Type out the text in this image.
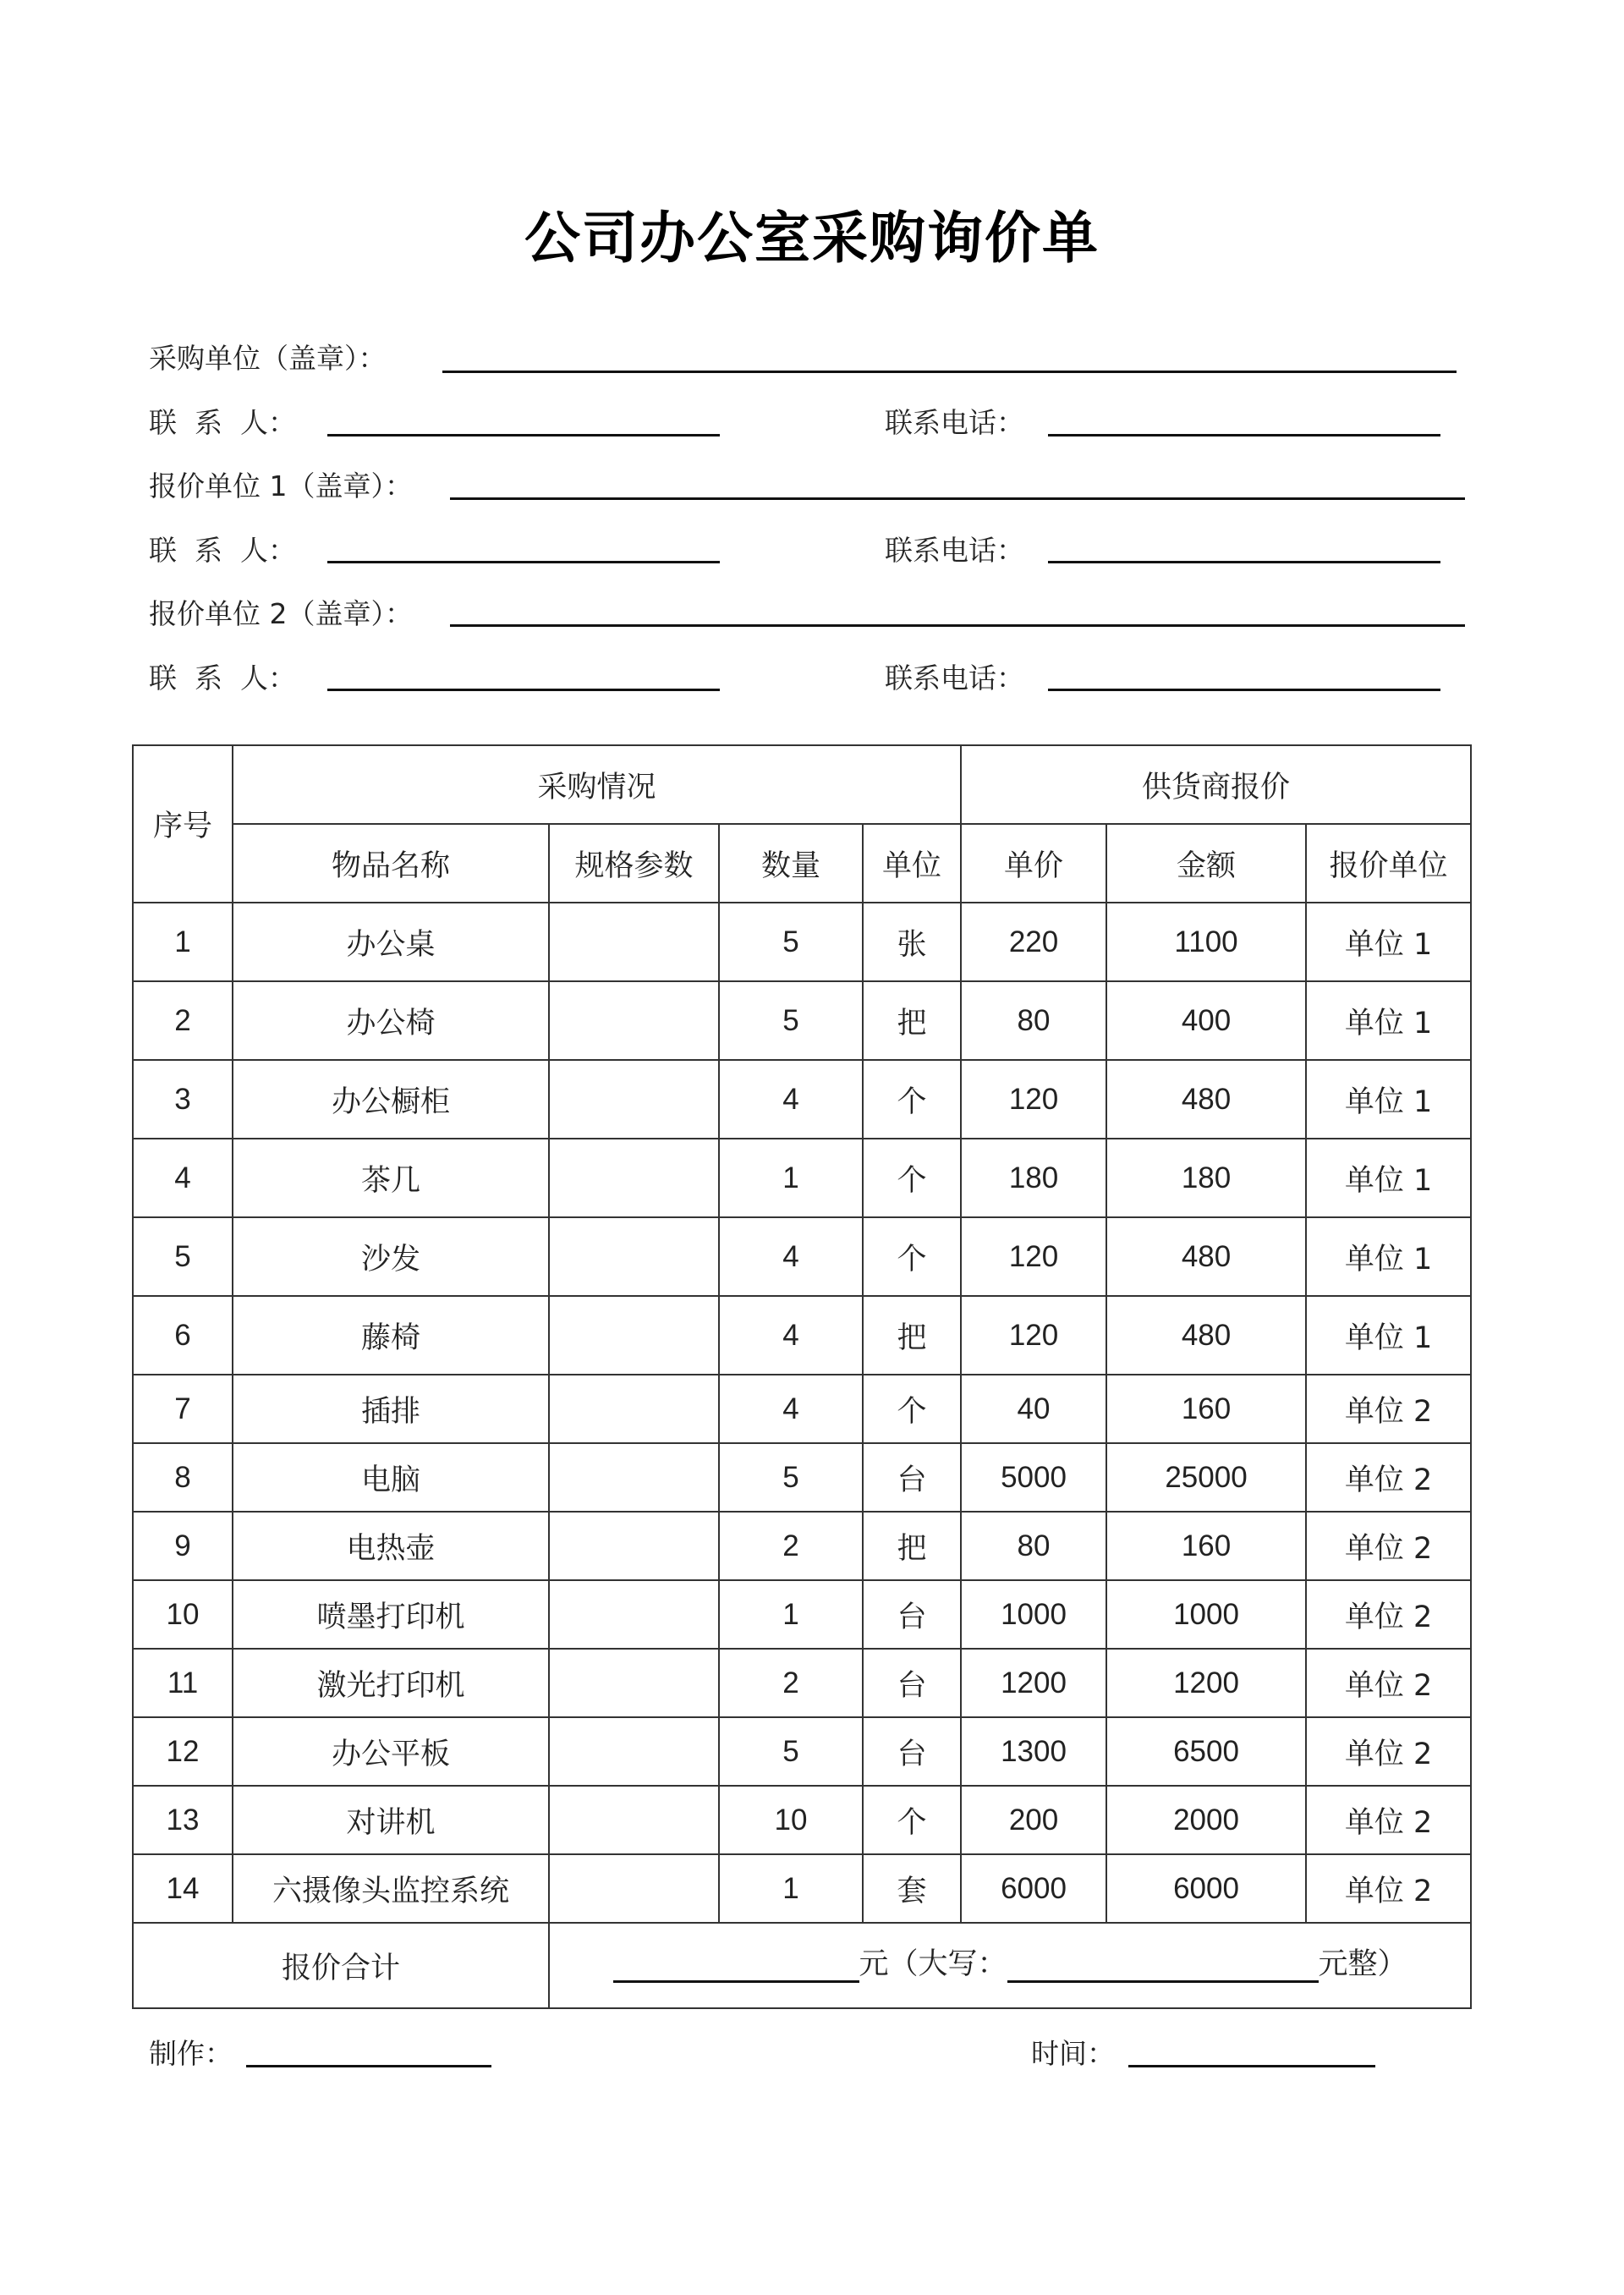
公司办公室采购询价单
采购单位（盖章）：
联  系  人：	联系电话：
报价单位 1（盖章）：
联  系  人：	联系电话：
报价单位 2（盖章）：
联  系  人：	联系电话：
序号	采购情况				供货商报价		
	物品名称	规格参数	数量	单位	单价	金额	报价单位
1	办公桌		5	张	220	1100	单位 1
2	办公椅		5	把	80	400	单位 1
3	办公橱柜		4	个	120	480	单位 1
4	茶几		1	个	180	180	单位 1
5	沙发		4	个	120	480	单位 1
6	藤椅		4	把	120	480	单位 1
7	插排		4	个	40	160	单位 2
8	电脑		5	台	5000	25000	单位 2
9	电热壶		2	把	80	160	单位 2
10	喷墨打印机		1	台	1000	1000	单位 2
11	激光打印机		2	台	1200	1200	单位 2
12	办公平板		5	台	1300	6500	单位 2
13	对讲机		10	个	200	2000	单位 2
14	六摄像头监控系统		1	套	6000	6000	单位 2
报价合计		元（大写： 元整）					
制作：	时间：
